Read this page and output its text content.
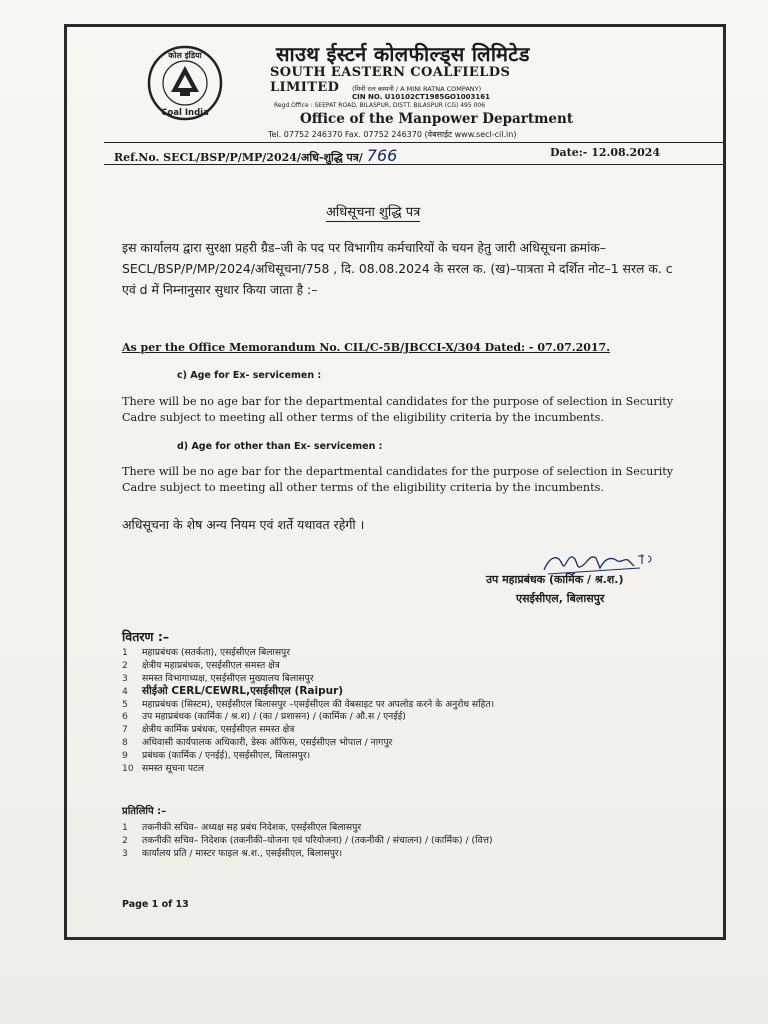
कोल इंडिया
Coal India
साउथ ईस्टर्न कोलफील्ड्स लिमिटेड
SOUTH EASTERN COALFIELDS LIMITED	(मिनी रत्न कम्पनी / A MINI RATNA COMPANY)
CIN NO. U10102CT1985GO1003161
Regd.Office : SEEPAT ROAD, BILASPUR, DISTT. BILASPUR (CG) 495 006
Office of the Manpower Department
Tel. 07752 246370 Fax. 07752 246370 (वेबसाईट www.secl-cil.in)
Ref.No. SECL/BSP/P/MP/2024/अधि-शुद्धि पत्र/ 766	Date:- 12.08.2024
अधिसूचना शुद्धि पत्र
इस कार्यालय द्वारा सुरक्षा प्रहरी ग्रैड–जी के पद पर विभागीय कर्मचारियों के चयन हेतु जारी अधिसूचना क्रमांक– SECL/BSP/P/MP/2024/अधिसूचना/758 , दि. 08.08.2024 के सरल क. (ख)–पात्रता मे दर्शित नोट–1 सरल क. c एवं d में निम्नानुसार सुधार किया जाता है :–
As per the Office Memorandum No. CIL/C-5B/JBCCI-X/304 Dated: - 07.07.2017.
c) Age for Ex- servicemen :
There will be no age bar for the departmental candidates for the purpose of selection in Security Cadre subject to meeting all other terms of the eligibility criteria by the incumbents.
d) Age for other than Ex- servicemen :
There will be no age bar for the departmental candidates for the purpose of selection in Security Cadre subject to meeting all other terms of the eligibility criteria by the incumbents.
अधिसूचना के शेष अन्य नियम एवं शर्ते यथावत रहेगी ।
उप महाप्रबंधक (कार्मिक / श्र.श.)
एसईसीएल, बिलासपुर
वितरण :–
1 महाप्रबंधक (सतर्कता), एसईसीएल बिलासपुर
2 क्षेत्रीय महाप्रबंधक, एसईसीएल समस्त क्षेत्र
3 समस्त विभागाध्यक्ष, एसईसीएल मुख्यालय बिलासपुर
4 सीईओ CERL/CEWRL,एसईसीएल (Raipur)
5 महाप्रबंधक (सिस्टम), एसईसीएल बिलासपुर –एसईसीएल की वेबसाइट पर अपलोड करने के अनुरोध सहित।
6 उप महाप्रबंधक (कार्मिक / श्र.श) / (का / प्रशासन) / (कार्मिक / औ.स / एनईई)
7 क्षेत्रीय कार्मिक प्रबंधक, एसईसीएल समस्त क्षेत्र
8 अधिवासी कार्यपालक अधिकारी, डेस्क ऑफिस, एसईसीएल भोपाल / नागपुर
9 प्रबंधक (कार्मिक / एनईई), एसईसीएल, बिलासपुर।
10 समस्त सूचना पटल
प्रतिलिपि :–
1 तकनीकी सचिव– अध्यक्ष सह प्रबंध निदेशक, एसईसीएल बिलासपुर
2 तकनीकी सचिव– निदेशक (तकनीकी–योजना एवं परियोजना) / (तकनीकी / संचालन) / (कार्मिक) / (वित्त)
3 कार्यालय प्रति / मास्टर फाइल श्र.श., एसईसीएल, बिलासपुर।
Page 1 of 13
